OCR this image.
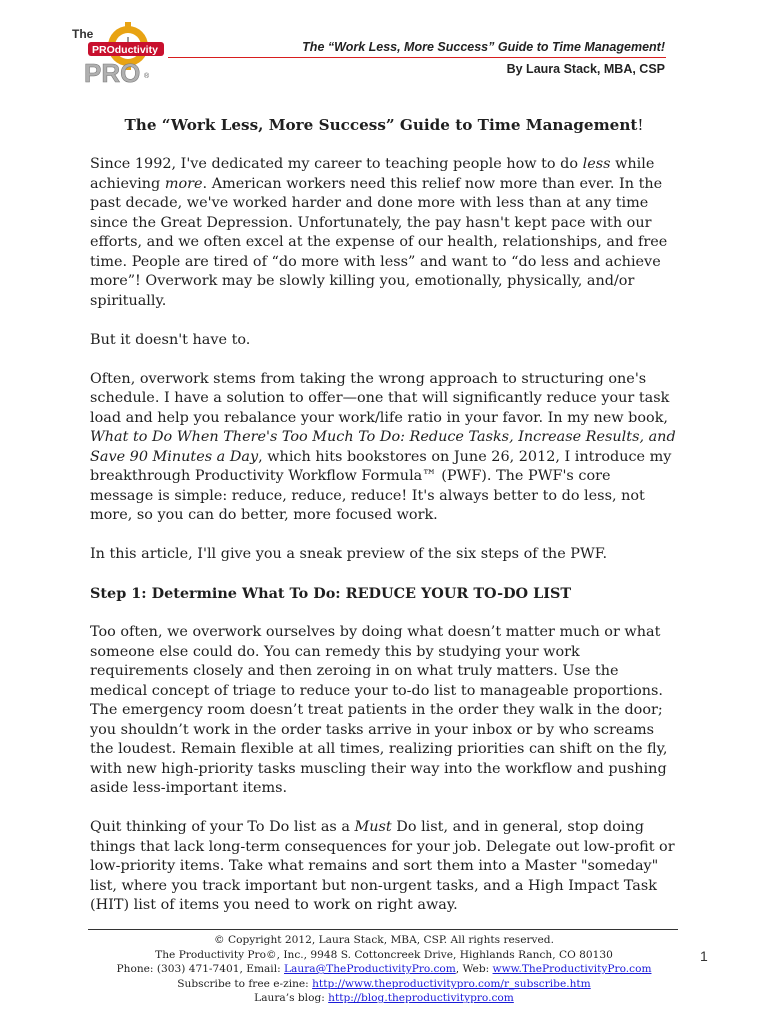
The
PROductivity
PRO ®
The “Work Less, More Success” Guide to Time Management!
By Laura Stack, MBA, CSP
The “Work Less, More Success” Guide to Time Management!

Since 1992, I've dedicated my career to teaching people how to do less while achieving more. American workers need this relief now more than ever. In the past decade, we've worked harder and done more with less than at any time since the Great Depression. Unfortunately, the pay hasn't kept pace with our efforts, and we often excel at the expense of our health, relationships, and free time. People are tired of “do more with less” and want to “do less and achieve more”! Overwork may be slowly killing you, emotionally, physically, and/or spiritually.

But it doesn't have to.

Often, overwork stems from taking the wrong approach to structuring one's schedule. I have a solution to offer—one that will significantly reduce your task load and help you rebalance your work/life ratio in your favor. In my new book, What to Do When There's Too Much To Do: Reduce Tasks, Increase Results, and Save 90 Minutes a Day, which hits bookstores on June 26, 2012, I introduce my breakthrough Productivity Workflow Formula™ (PWF). The PWF's core message is simple: reduce, reduce, reduce! It's always better to do less, not more, so you can do better, more focused work.

In this article, I'll give you a sneak preview of the six steps of the PWF.

Step 1: Determine What To Do: REDUCE YOUR TO-DO LIST

Too often, we overwork ourselves by doing what doesn’t matter much or what someone else could do. You can remedy this by studying your work requirements closely and then zeroing in on what truly matters. Use the medical concept of triage to reduce your to-do list to manageable proportions. The emergency room doesn’t treat patients in the order they walk in the door; you shouldn’t work in the order tasks arrive in your inbox or by who screams the loudest. Remain flexible at all times, realizing priorities can shift on the fly, with new high-priority tasks muscling their way into the workflow and pushing aside less-important items.

Quit thinking of your To Do list as a Must Do list, and in general, stop doing things that lack long-term consequences for your job. Delegate out low-profit or low-priority items. Take what remains and sort them into a Master "someday" list, where you track important but non-urgent tasks, and a High Impact Task (HIT) list of items you need to work on right away.

© Copyright 2012, Laura Stack, MBA, CSP. All rights reserved.
The Productivity Pro©, Inc., 9948 S. Cottoncreek Drive, Highlands Ranch, CO 80130
Phone: (303) 471-7401, Email: Laura@TheProductivityPro.com, Web: www.TheProductivityPro.com
Subscribe to free e-zine: http://www.theproductivitypro.com/r_subscribe.htm
Laura’s blog: http://blog.theproductivitypro.com
1
